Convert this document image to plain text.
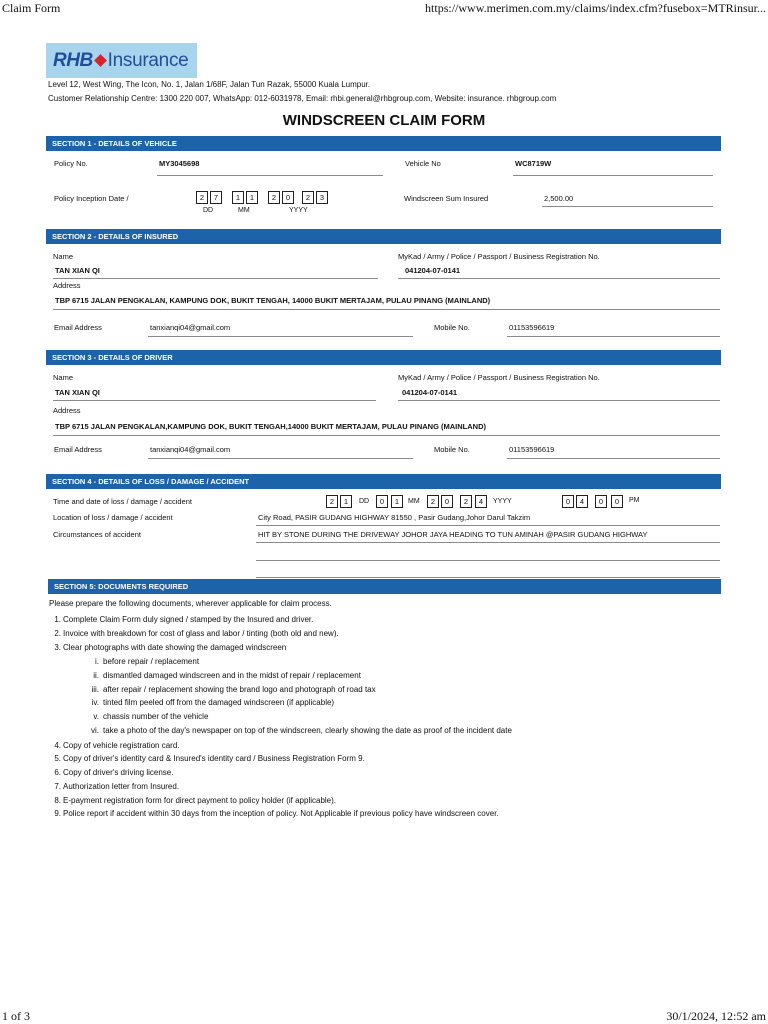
Claim Form	https://www.merimen.com.my/claims/index.cfm?fusebox=MTRinsur...
1 of 3	30/1/2024, 12:52 am
RHB Insurance
Level 12, West Wing, The Icon, No. 1, Jalan 1/68F, Jalan Tun Razak, 55000 Kuala Lumpur.
Customer Relationship Centre: 1300 220 007, WhatsApp: 012-6031978, Email: rhbi.general@rhbgroup.com, Website: insurance. rhbgroup.com
WINDSCREEN CLAIM FORM
SECTION 1 - DETAILS OF VEHICLE
Policy No.	MY3045698	Vehicle No	WC8719W
Policy Inception Date /	2	7	1	1	2	0	2	3
DD	MM	YYYY
Windscreen Sum Insured	2,500.00
SECTION 2 - DETAILS OF INSURED
Name
TAN XIAN QI
MyKad / Army / Police / Passport / Business Registration No.
041204-07-0141
Address
TBP 6715 JALAN PENGKALAN, KAMPUNG DOK, BUKIT TENGAH, 14000 BUKIT MERTAJAM, PULAU PINANG (MAINLAND)
Email Address	tanxianqi04@gmail.com	Mobile No.	01153596619
SECTION 3 - DETAILS OF DRIVER
Name
TAN XIAN QI
MyKad / Army / Police / Passport / Business Registration No.
041204-07-0141
Address
TBP 6715 JALAN PENGKALAN,KAMPUNG DOK, BUKIT TENGAH,14000 BUKIT MERTAJAM, PULAU PINANG (MAINLAND)
Email Address	tanxianqi04@gmail.com	Mobile No.	01153596619
SECTION 4 - DETAILS OF LOSS / DAMAGE / ACCIDENT
Time and date of loss / damage / accident	2	1	DD	0	1	MM	2	0	2	4	YYYY	0	4	0	0	PM
Location of loss / damage / accident	City Road, PASIR GUDANG HIGHWAY 81550 , Pasir Gudang,Johor Darul Takzim
Circumstances of accident	HIT BY STONE DURING THE DRIVEWAY JOHOR JAYA HEADING TO TUN AMINAH @PASIR GUDANG HIGHWAY
SECTION 5: DOCUMENTS REQUIRED
Please prepare the following documents, wherever applicable for claim process.
1. Complete Claim Form duly signed / stamped by the Insured and driver.
2. Invoice with breakdown for cost of glass and labor / tinting (both old and new).
3. Clear photographs with date showing the damaged windscreen
i. before repair / replacement
ii. dismantled damaged windscreen and in the midst of repair / replacement
iii. after repair / replacement showing the brand logo and photograph of road tax
iv. tinted film peeled off from the damaged windscreen (if applicable)
v. chassis number of the vehicle
vi. take a photo of the day's newspaper on top of the windscreen, clearly showing the date as proof of the incident date
4. Copy of vehicle registration card.
5. Copy of driver's identity card & Insured's identity card / Business Registration Form 9.
6. Copy of driver's driving license.
7. Authorization letter from Insured.
8. E-payment registration form for direct payment to policy holder (if applicable).
9. Police report if accident within 30 days from the inception of policy. Not Applicable if previous policy have windscreen cover.
